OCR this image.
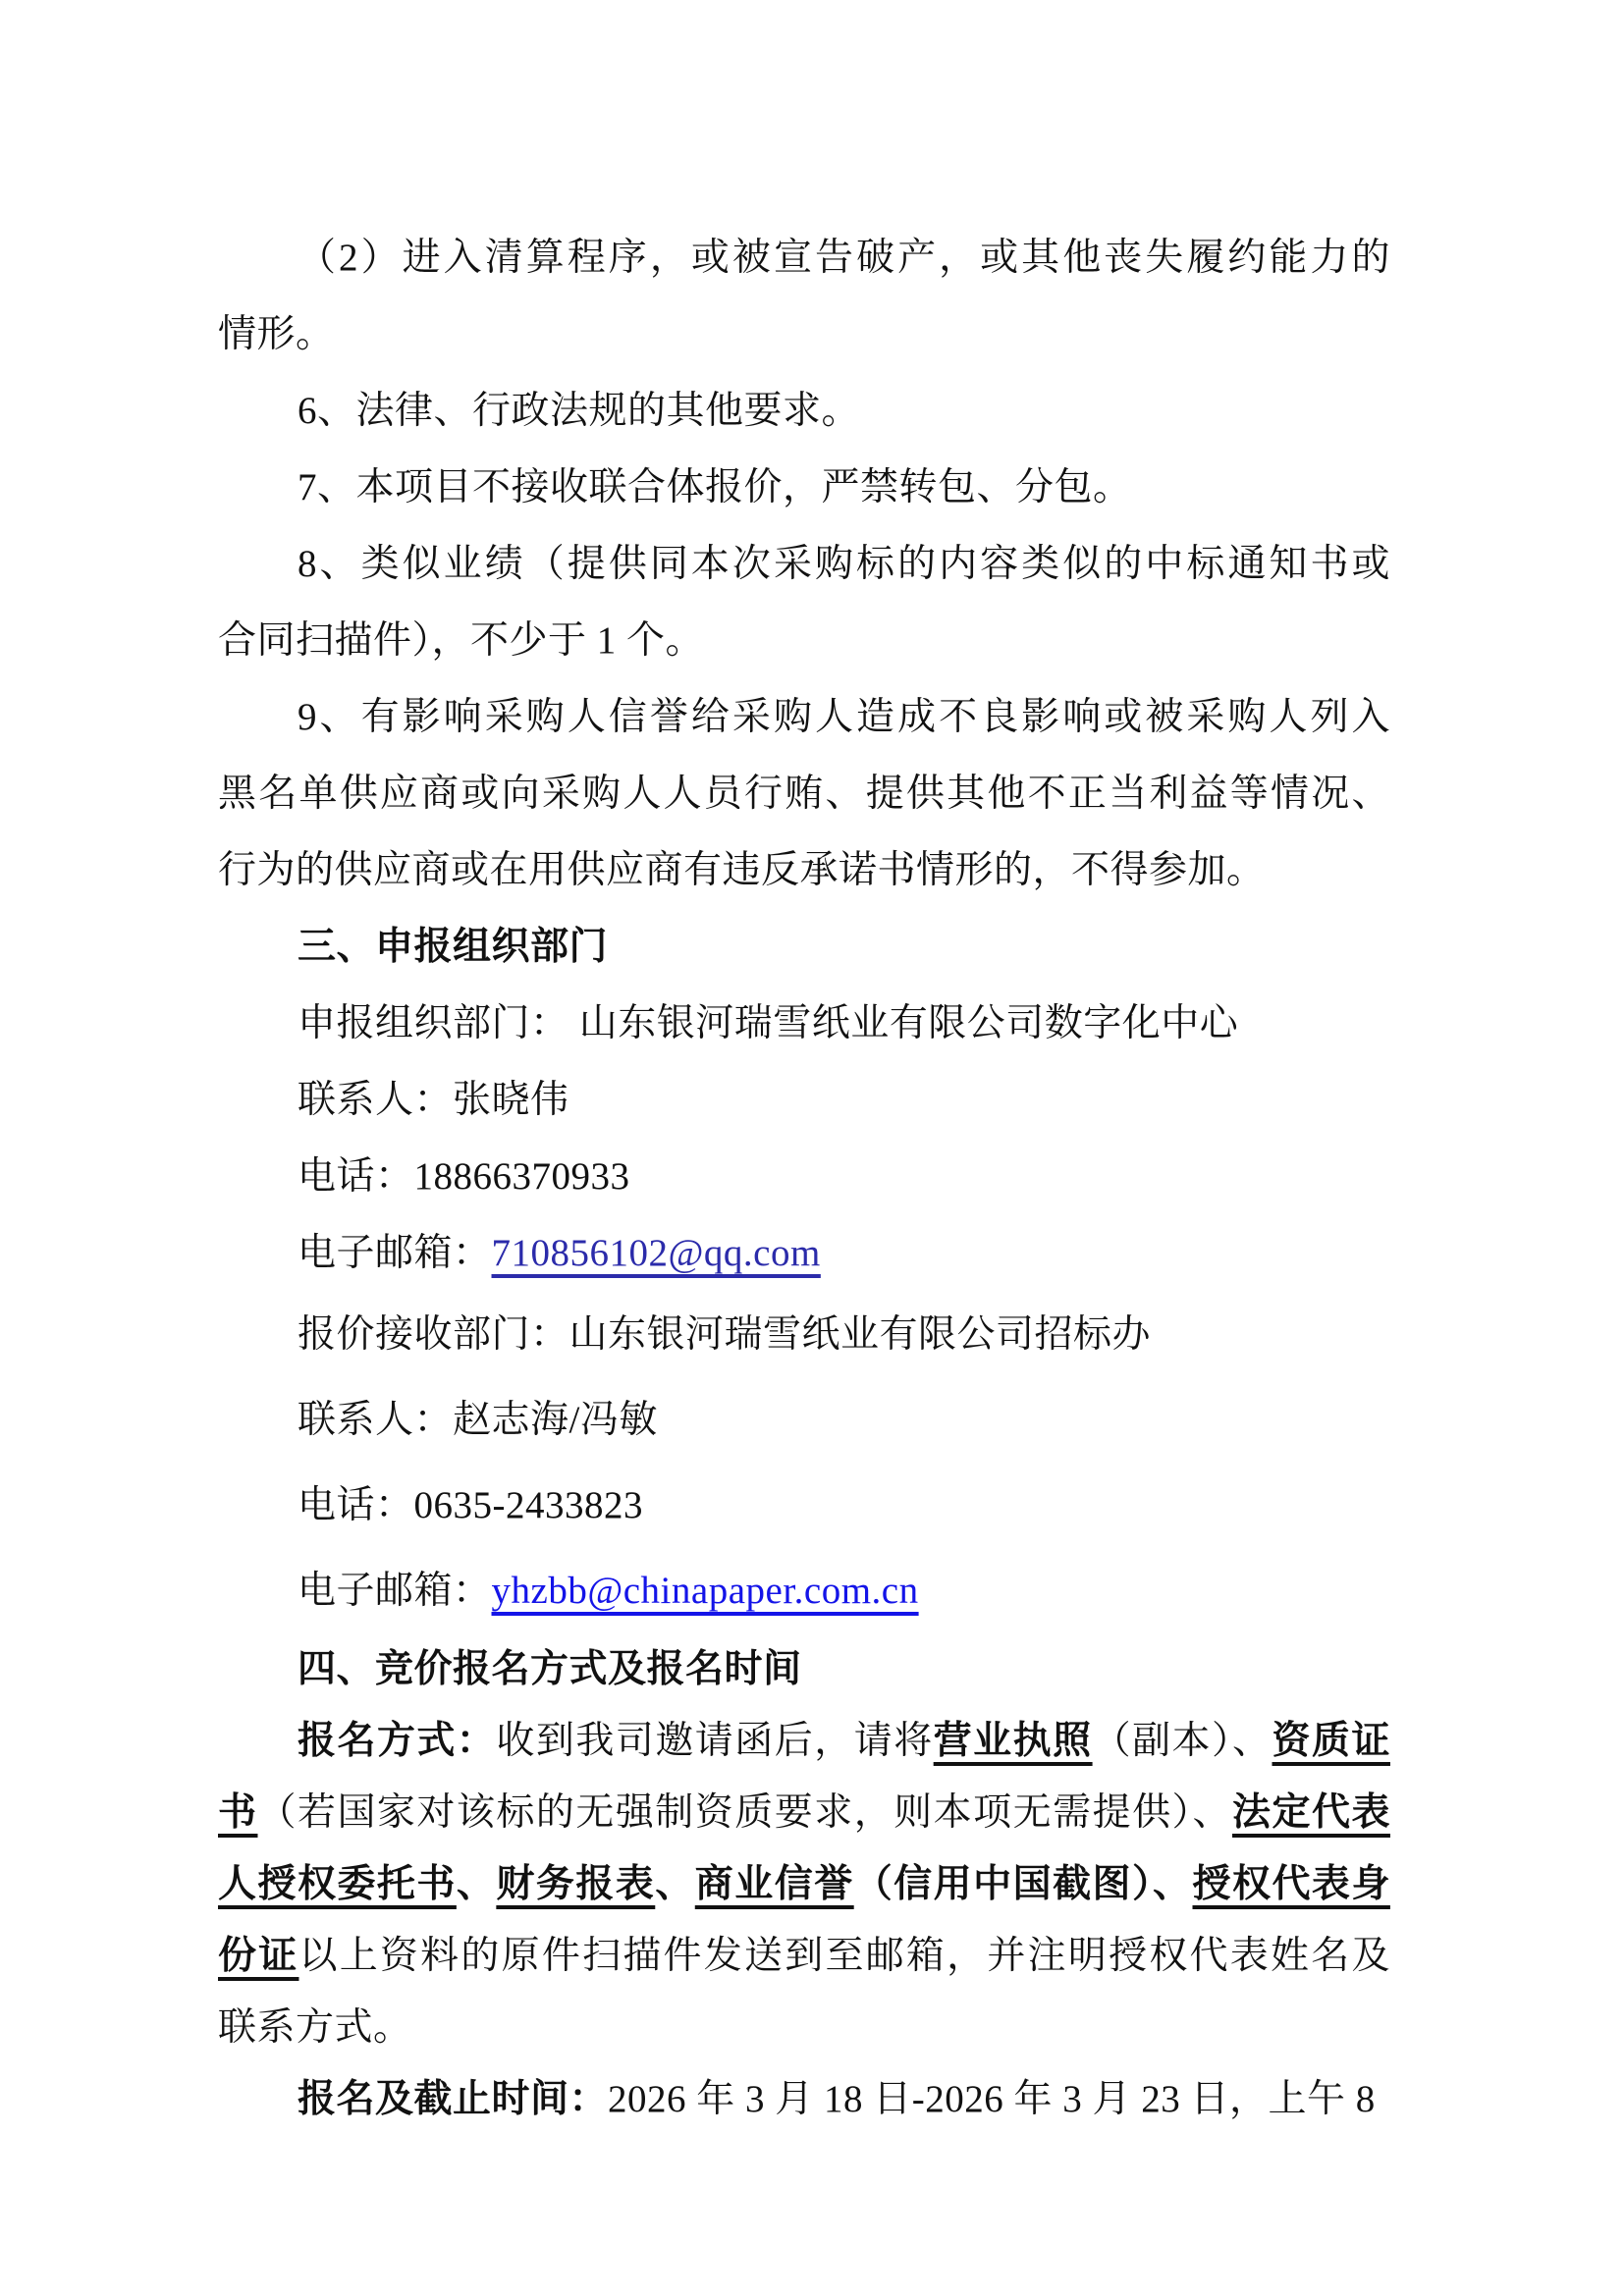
（2）进入清算程序，或被宣告破产，或其他丧失履约能力的
情形。
6、法律、行政法规的其他要求。
7、本项目不接收联合体报价，严禁转包、分包。
8、类似业绩（提供同本次采购标的内容类似的中标通知书或
合同扫描件），不少于 1 个。
9、有影响采购人信誉给采购人造成不良影响或被采购人列入
黑名单供应商或向采购人人员行贿、提供其他不正当利益等情况、
行为的供应商或在用供应商有违反承诺书情形的，不得参加。
三、申报组织部门
申报组织部门： 山东银河瑞雪纸业有限公司数字化中心
联系人：张晓伟
电话：18866370933
电子邮箱：710856102@qq.com
报价接收部门：山东银河瑞雪纸业有限公司招标办
联系人：赵志海/冯敏
电话：0635-2433823
电子邮箱：yhzbb@chinapaper.com.cn
四、竞价报名方式及报名时间
报名方式：收到我司邀请函后，请将营业执照（副本）、资质证
书（若国家对该标的无强制资质要求，则本项无需提供）、法定代表
人授权委托书、财务报表、商业信誉（信用中国截图）、授权代表身
份证以上资料的原件扫描件发送到至邮箱，并注明授权代表姓名及
联系方式。
报名及截止时间：2026 年 3 月 18 日-2026 年 3 月 23 日，上午 8
